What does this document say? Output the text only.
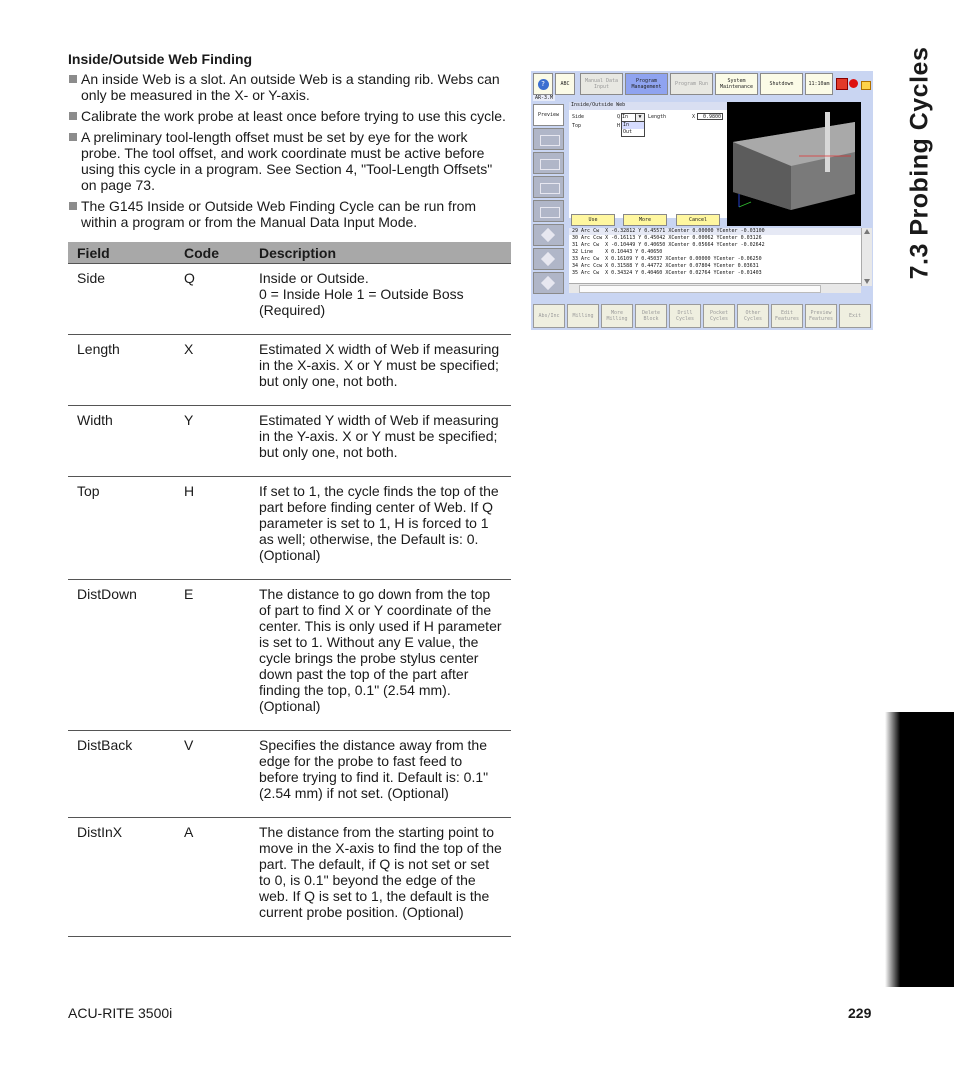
Inside/Outside Web Finding
An inside Web is a slot. An outside Web is a standing rib. Webs can only be measured in the X- or Y-axis.
Calibrate the work probe at least once before trying to use this cycle.
A preliminary tool-length offset must be set by eye for the work probe. The tool offset, and work coordinate must be active before using this cycle in a program. See Section 4, "Tool-Length Offsets" on page 73.
The G145 Inside or Outside Web Finding Cycle can be run from within a program or from the Manual Data Input Mode.
Field	Code	Description
Side	Q	Inside or Outside.
0 = Inside Hole 1 = Outside Boss
(Required)

Length	X	Estimated X width of Web if measuring in the X-axis. X or Y must be specified; but only one, not both.
Width	Y	Estimated Y width of Web if measuring in the Y-axis. X or Y must be specified; but only one, not both.
Top	H	If set to 1, the cycle finds the top of the part before finding center of Web. If Q parameter is set to 1, H is forced to 1 as well; otherwise, the Default is: 0. (Optional)
DistDown	E	The distance to go down from the top of part to find X or Y coordinate of the center. This is only used if H parameter is set to 1. Without any E value, the cycle brings the probe stylus center down past the top of the part after finding the top, 0.1" (2.54 mm). (Optional)
DistBack	V	Specifies the distance away from the edge for the probe to fast feed to before trying to find it. Default is: 0.1" (2.54 mm) if not set. (Optional)
DistInX	A	The distance from the starting point to move in the X-axis to find the top of the part. The default, if Q is not set or set to 0, is 0.1" beyond the edge of the web. If Q is set to 1, the default is the current probe position. (Optional)
?	ABC	Manual Data Input
Program Management	Program Run	System Maintenance	Shutdown	11:10am
AR-3.M
Preview
Inside/Outside Web
Side	Q In	▼
In
Out
Top	H
Length	X	0.9800
Use	More	Cancel
29 Arc Cw  X -0.32812 Y 0.45571 XCenter 0.00000 YCenter -0.03100
30 Arc Ccw X -0.16113 Y 0.45042 XCenter 0.00062 YCenter 0.03126
31 Arc Cw  X -0.10449 Y 0.40650 XCenter 0.05664 YCenter -0.02642
32 Line    X 0.10443 Y 0.40650
33 Arc Cw  X 0.16109 Y 0.45037 XCenter 0.00000 YCenter -0.06250
34 Arc Ccw X 0.31588 Y 0.44772 XCenter 0.07804 YCenter 0.03631
35 Arc Cw  X 0.34324 Y 0.40460 XCenter 0.02764 YCenter -0.01403
Abs/Inc	Milling	More Milling
Delete Block
Drill Cycles
Pocket Cycles
Other Cycles
Edit Features
Preview Features	Exit
7.3 Probing Cycles
ACU-RITE 3500i	229
